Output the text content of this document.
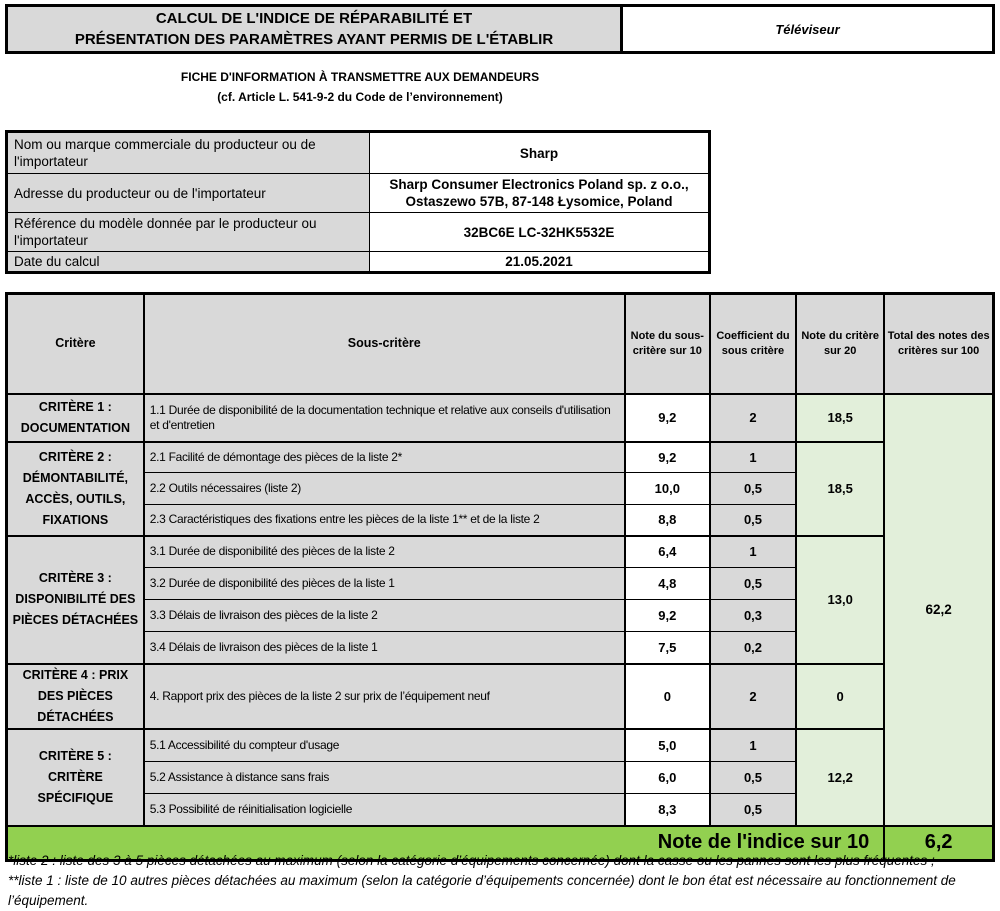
CALCUL DE L'INDICE DE RÉPARABILITÉ ET
PRÉSENTATION DES PARAMÈTRES AYANT PERMIS DE L'ÉTABLIR
Téléviseur
FICHE D'INFORMATION À TRANSMETTRE AUX DEMANDEURS
(cf. Article L. 541-9-2 du Code de l’environnement)
Nom ou marque commerciale du producteur ou de l'importateur	Sharp
Adresse du producteur ou de l'importateur	Sharp Consumer Electronics Poland sp. z o.o.,
Ostaszewo 57B, 87-148 Łysomice, Poland

Référence du modèle donnée par le producteur ou l'importateur	32BC6E LC-32HK5532E
Date du calcul	21.05.2021
Critère	Sous-critère	Note du sous-critère sur 10	Coefficient du sous critère	Note du critère sur 20	Total des notes des critères sur 100
CRITÈRE 1 : DOCUMENTATION	1.1 Durée de disponibilité de la documentation technique et relative aux conseils d'utilisation et d'entretien	9,2	2	18,5	62,2
CRITÈRE 2 : DÉMONTABILITÉ, ACCÈS, OUTILS, FIXATIONS	2.1 Facilité de démontage des pièces de la liste 2*	9,2	1	18,5	
	2.2 Outils nécessaires (liste 2)	10,0	0,5		
	2.3 Caractéristiques des fixations entre les pièces de la liste 1** et de la liste 2	8,8	0,5		
CRITÈRE 3 : DISPONIBILITÉ DES PIÈCES DÉTACHÉES	3.1 Durée de disponibilité des pièces de la liste 2	6,4	1	13,0	
	3.2 Durée de disponibilité des pièces de la liste 1	4,8	0,5		
	3.3 Délais de livraison des pièces de la liste 2	9,2	0,3		
	3.4 Délais de livraison des pièces de la liste 1	7,5	0,2		
CRITÈRE 4 : PRIX DES PIÈCES DÉTACHÉES	4. Rapport prix des pièces de la liste 2 sur prix de l’équipement neuf	0	2	0	
CRITÈRE 5 : CRITÈRE SPÉCIFIQUE	5.1 Accessibilité du compteur d'usage	5,0	1	12,2	
	5.2 Assistance à distance sans frais	6,0	0,5		
	5.3 Possibilité de réinitialisation logicielle	8,3	0,5		
Note de l'indice sur 10					6,2

*liste 2 : liste des 3 à 5 pièces détachées au maximum (selon la catégorie d’équipements concernée) dont la casse ou les pannes sont les plus fréquentes ;

**liste 1 : liste de 10 autres pièces détachées au maximum (selon la catégorie d’équipements concernée) dont le bon état est nécessaire au fonctionnement de l’équipement.
